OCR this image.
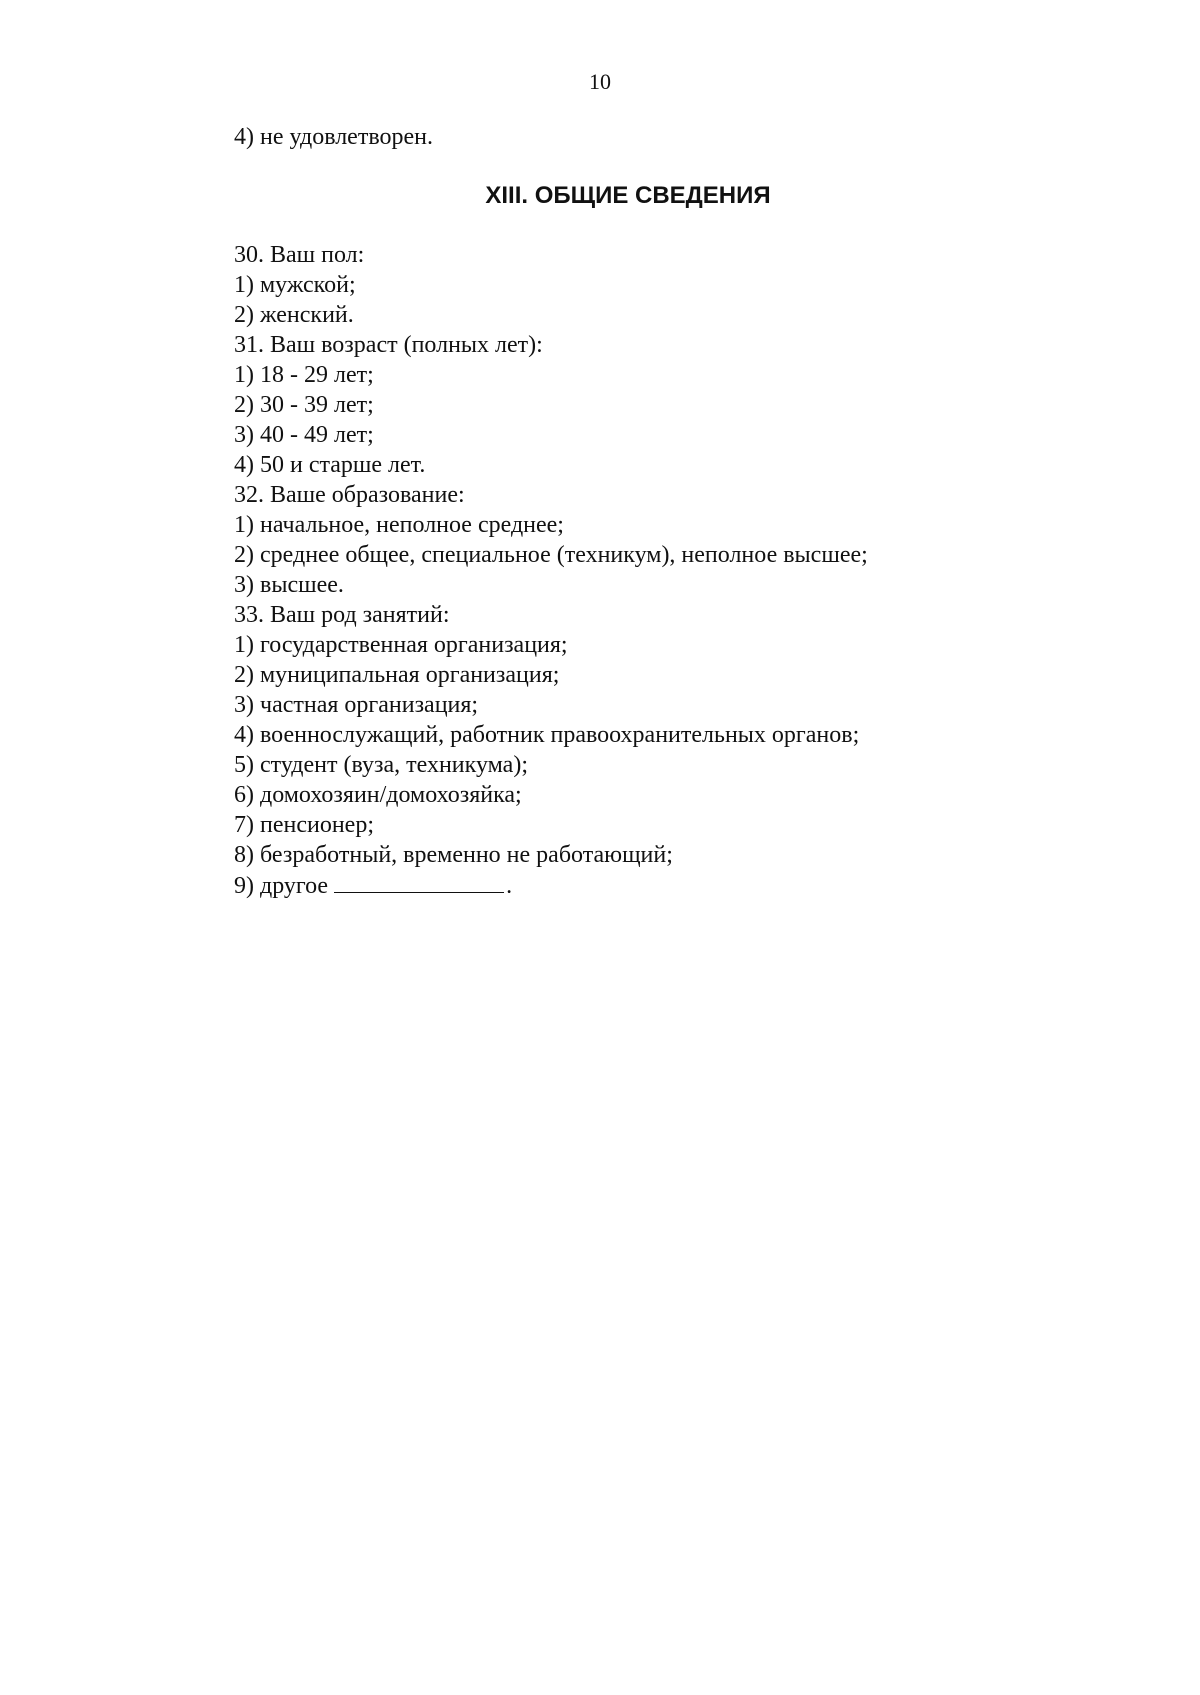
10
4) не удовлетворен.
XIII. ОБЩИЕ СВЕДЕНИЯ
30. Ваш пол:
1) мужской;
2) женский.
31. Ваш возраст (полных лет):
1) 18 - 29 лет;
2) 30 - 39 лет;
3) 40 - 49 лет;
4) 50 и старше лет.
32. Ваше образование:
1) начальное, неполное среднее;
2) среднее общее, специальное (техникум), неполное высшее;
3) высшее.
33. Ваш род занятий:
1) государственная организация;
2) муниципальная организация;
3) частная организация;
4) военнослужащий, работник правоохранительных органов;
5) студент (вуза, техникума);
6) домохозяин/домохозяйка;
7) пенсионер;
8) безработный, временно не работающий;
9) другое	.
